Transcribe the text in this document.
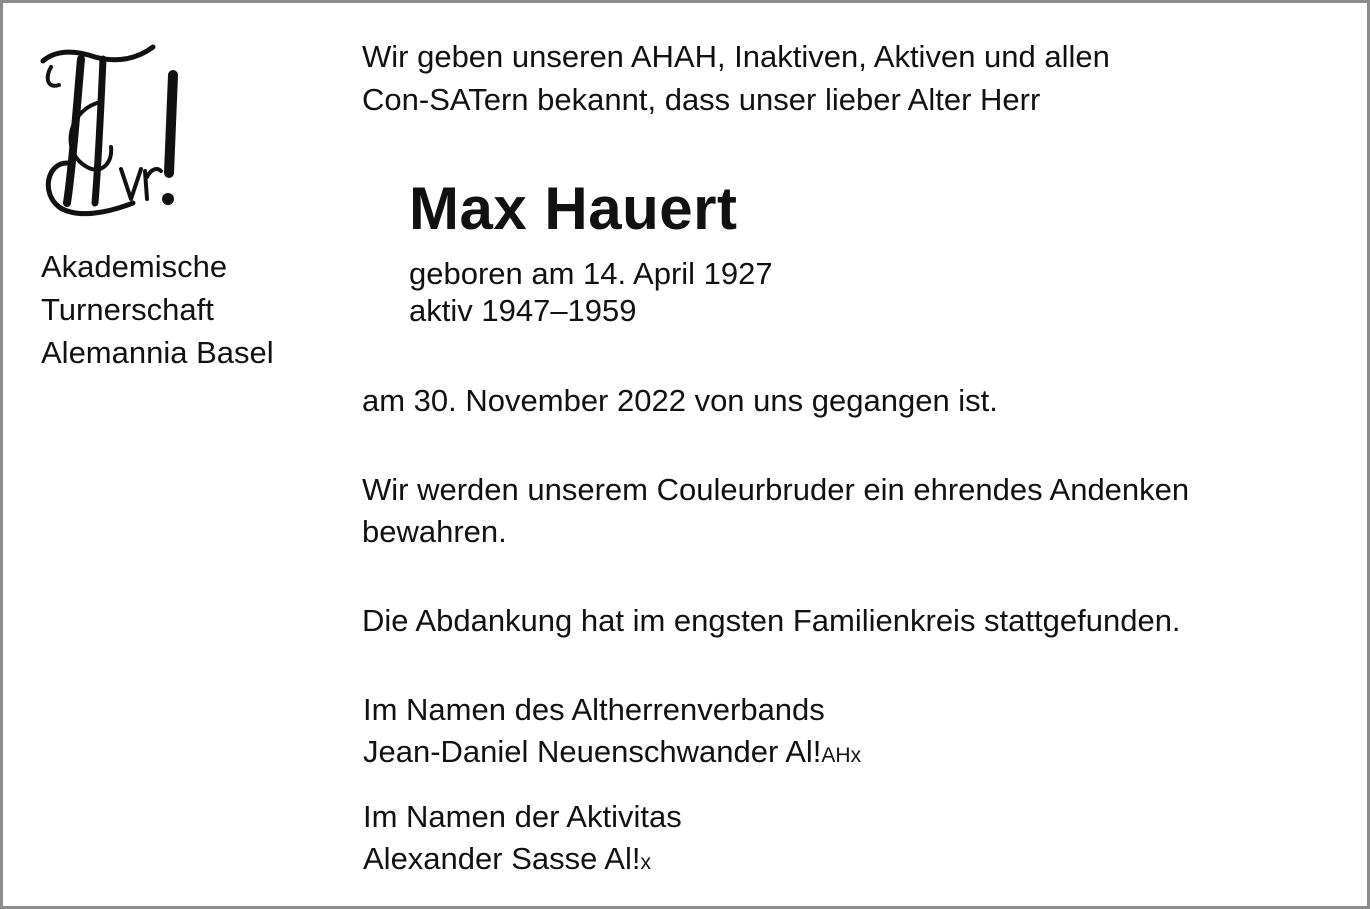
Akademische
Turnerschaft
Alemannia Basel
Wir geben unseren AHAH, Inaktiven, Aktiven und allen
Con-SATern bekannt, dass unser lieber Alter Herr
Max Hauert
geboren am 14. April 1927
aktiv 1947–1959
am 30. November 2022 von uns gegangen ist.
Wir werden unserem Couleurbruder ein ehrendes Andenken
bewahren.
Die Abdankung hat im engsten Familienkreis stattgefunden.
Im Namen des Altherrenverbands
Jean-Daniel Neuenschwander Al!AHx
Im Namen der Aktivitas
Alexander Sasse Al!x
